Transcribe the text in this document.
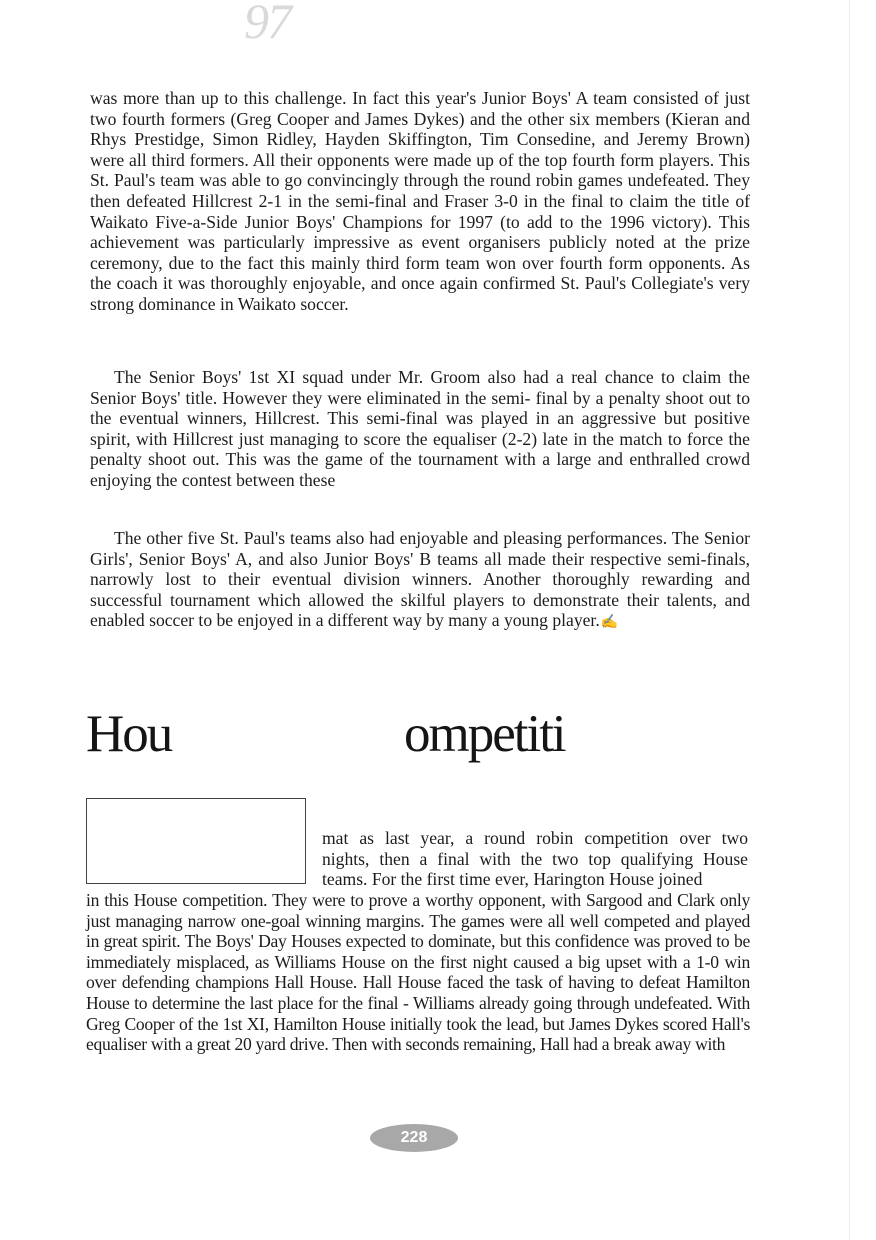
97

was more than up to this challenge. In fact this year's Junior Boys' A team consisted of just two fourth formers (Greg Cooper and James Dykes) and the other six members (Kieran and Rhys Prestidge, Simon Ridley, Hayden Skiffington, Tim Consedine, and Jeremy Brown) were all third formers. All their opponents were made up of the top fourth form players. This St. Paul's team was able to go convincingly through the round robin games undefeated. They then defeated Hillcrest 2-1 in the semi-final and Fraser 3-0 in the final to claim the title of Waikato Five-a-Side Junior Boys' Champions for 1997 (to add to the 1996 victory). This achievement was particularly impressive as event organisers publicly noted at the prize ceremony, due to the fact this mainly third form team won over fourth form opponents. As the coach it was thoroughly enjoyable, and once again confirmed St. Paul's Collegiate's very strong dominance in Waikato soccer.

The Senior Boys' 1st XI squad under Mr. Groom also had a real chance to claim the Senior Boys' title. However they were eliminated in the semi- final by a penalty shoot out to the eventual winners, Hillcrest. This semi-final was played in an aggressive but positive spirit, with Hillcrest just managing to score the equaliser (2-2) late in the match to force the penalty shoot out. This was the game of the tournament with a large and enthralled crowd enjoying the contest between these

The other five St. Paul's teams also had enjoyable and pleasing performances. The Senior Girls', Senior Boys' A, and also Junior Boys' B teams all made their respective semi-finals, narrowly lost to their eventual division winners. Another thoroughly rewarding and successful tournament which allowed the skilful players to demonstrate their talents, and enabled soccer to be enjoyed in a different way by many a young player.✍

Hou	ompetiti

mat as last year, a round robin competition over two
nights, then a final with the two top qualifying House
teams. For the first time ever, Harington House joined

in this House competition. They were to prove a worthy opponent, with Sargood and Clark only just managing narrow one-goal winning margins. The games were all well competed and played in great spirit. The Boys' Day Houses expected to dominate, but this confidence was proved to be immediately misplaced, as Williams House on the first night caused a big upset with a 1-0 win over defending champions Hall House. Hall House faced the task of having to defeat Hamilton House to determine the last place for the final - Williams already going through undefeated. With Greg Cooper of the 1st XI, Hamilton House initially took the lead, but James Dykes scored Hall's equaliser with a great 20 yard drive. Then with seconds remaining, Hall had a break away with

228
